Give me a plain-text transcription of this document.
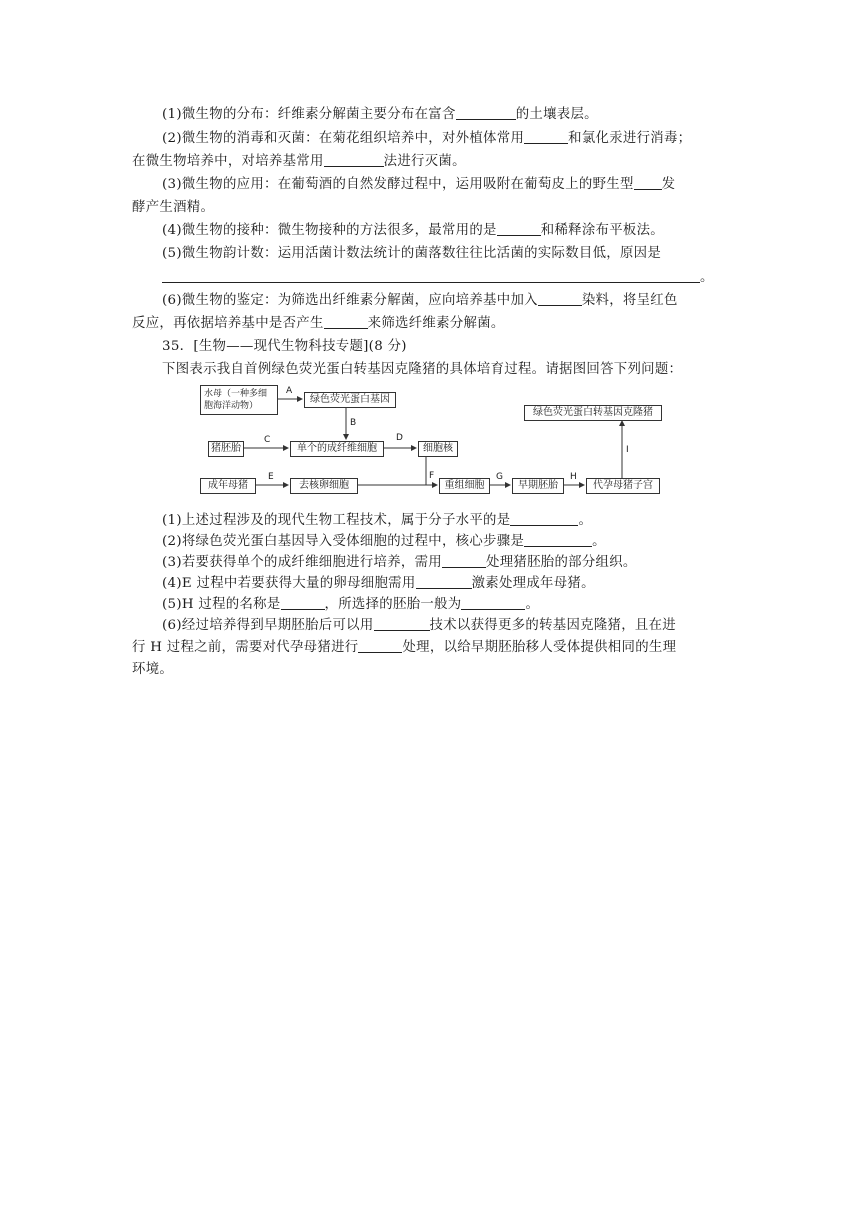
(1)微生物的分布：纤维素分解菌主要分布在富含	的土壤表层。
(2)微生物的消毒和灭菌：在菊花组织培养中，对外植体常用	和氯化汞进行消毒；
在微生物培养中，对培养基常用	法进行灭菌。
(3)微生物的应用：在葡萄酒的自然发酵过程中，运用吸附在葡萄皮上的野生型 发
酵产生酒精。
(4)微生物的接种：微生物接种的方法很多，最常用的是	和稀释涂布平板法。
(5)微生物韵计数：运用活菌计数法统计的菌落数往往比活菌的实际数目低，原因是
。
(6)微生物的鉴定：为筛选出纤维素分解菌，应向培养基中加入	染料，将呈红色
反应，再依据培养基中是否产生	来筛选纤维素分解菌。
35．[生物——现代生物科技专题](8 分)
下图表示我自首例绿色荧光蛋白转基因克隆猪的具体培育过程。请据图回答下列问题：
水母（一种多细胞海洋动物）
绿色荧光蛋白基因
绿色荧光蛋白转基因克隆猪
猪胚胎	单个的成纤维细胞	细胞核
成年母猪	去核卵细胞	重组细胞	早期胚胎	代孕母猪子宫
A
B
C	D
E	F	G	H
I
(1)上述过程涉及的现代生物工程技术，属于分子水平的是	。
(2)将绿色荧光蛋白基因导入受体细胞的过程中，核心步骤是	。
(3)若要获得单个的成纤维细胞进行培养，需用	处理猪胚胎的部分组织。
(4)E 过程中若要获得大量的卵母细胞需用	激素处理成年母猪。
(5)H 过程的名称是	，所选择的胚胎一般为	。
(6)经过培养得到早期胚胎后可以用	技术以获得更多的转基因克隆猪，且在进
行 H 过程之前，需要对代孕母猪进行	处理，以给早期胚胎移人受体提供相同的生理
环境。
